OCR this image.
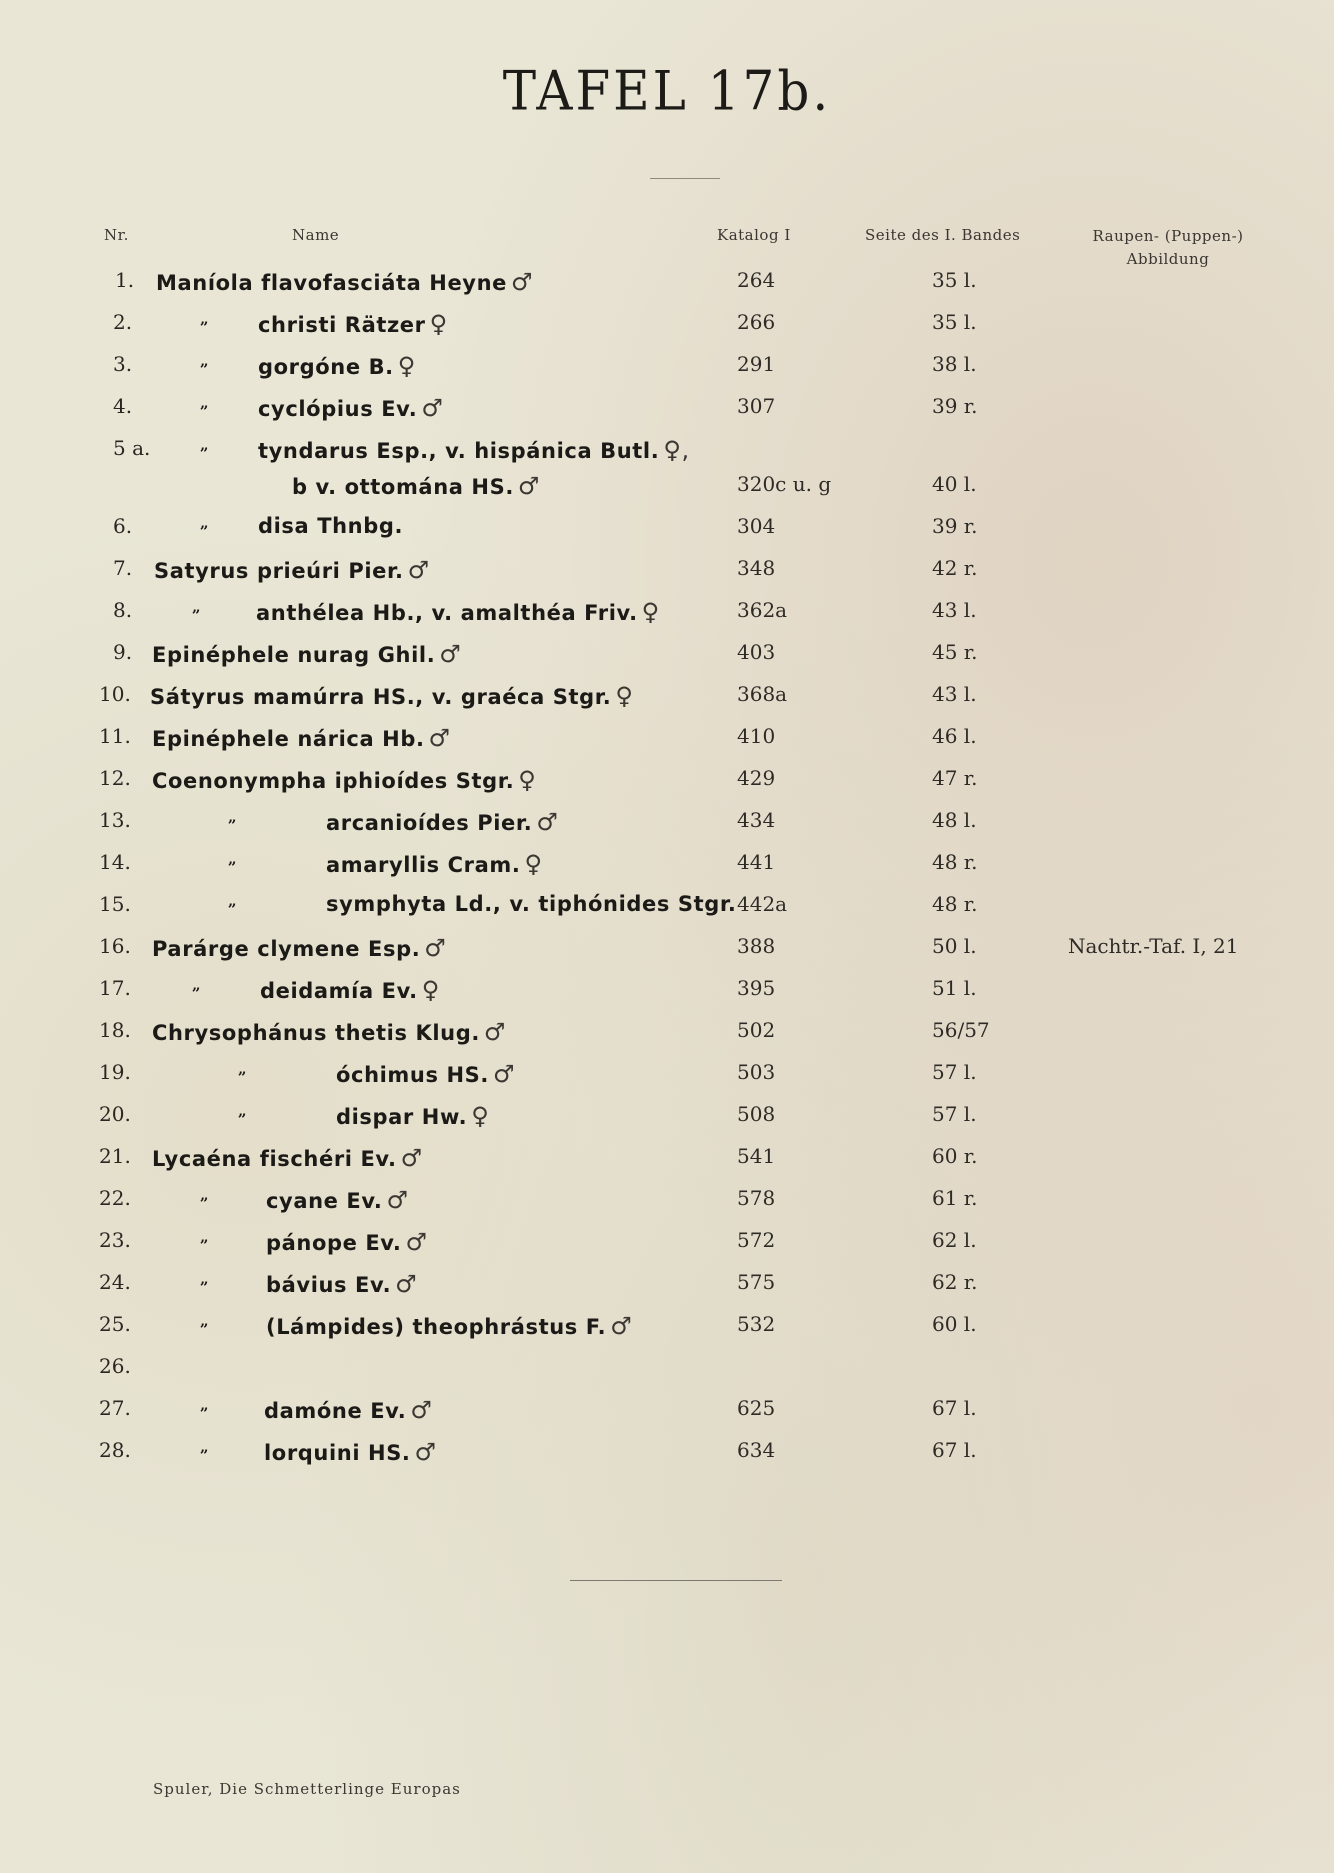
TAFEL 17b.
Nr.	Name	Katalog I	Seite des I. Bandes	Raupen- (Puppen-)
Abbildung
1. Maníola flavofasciáta Heyne ♂	264	35 l.
2.	„ christi Rätzer ♀	266	35 l.
3.	„ gorgóne B. ♀	291	38 l.
4.	„ cyclópius Ev. ♂	307	39 r.
5 a.	„ tyndarus Esp., v. hispánica Butl. ♀,
b v. ottomána HS. ♂	320c u. g	40 l.
6.	„ disa Thnbg.	304	39 r.
7. Satyrus prieúri Pier. ♂	348	42 r.
8.	„	anthélea Hb., v. amalthéa Friv. ♀	362a	43 l.
9. Epinéphele nurag Ghil. ♂	403	45 r.
10. Sátyrus mamúrra HS., v. graéca Stgr. ♀	368a	43 l.
11. Epinéphele nárica Hb. ♂	410	46 l.
12. Coenonympha iphioídes Stgr. ♀	429	47 r.
13.	„	arcanioídes Pier. ♂	434	48 l.
14.	„	amaryllis Cram. ♀	441	48 r.
15.	„	symphyta Ld., v. tiphónides Stgr. 442a	48 r.
16. Parárge clymene Esp. ♂	388	50 l.	Nachtr.-Taf. I, 21
17.	„	deidamía Ev. ♀	395	51 l.
18. Chrysophánus thetis Klug. ♂	502	56/57
19.	„	óchimus HS. ♂	503	57 l.
20.	„	dispar Hw. ♀	508	57 l.
21. Lycaéna fischéri Ev. ♂	541	60 r.
22.	„	cyane Ev. ♂	578	61 r.
23.	„	pánope Ev. ♂	572	62 l.
24.	„	bávius Ev. ♂	575	62 r.
25.	„	(Lámpides) theophrástus F. ♂	532	60 l.
26.
27.	„	damóne Ev. ♂	625	67 l.
28.	„	lorquini HS. ♂	634	67 l.
Spuler, Die Schmetterlinge Europas
